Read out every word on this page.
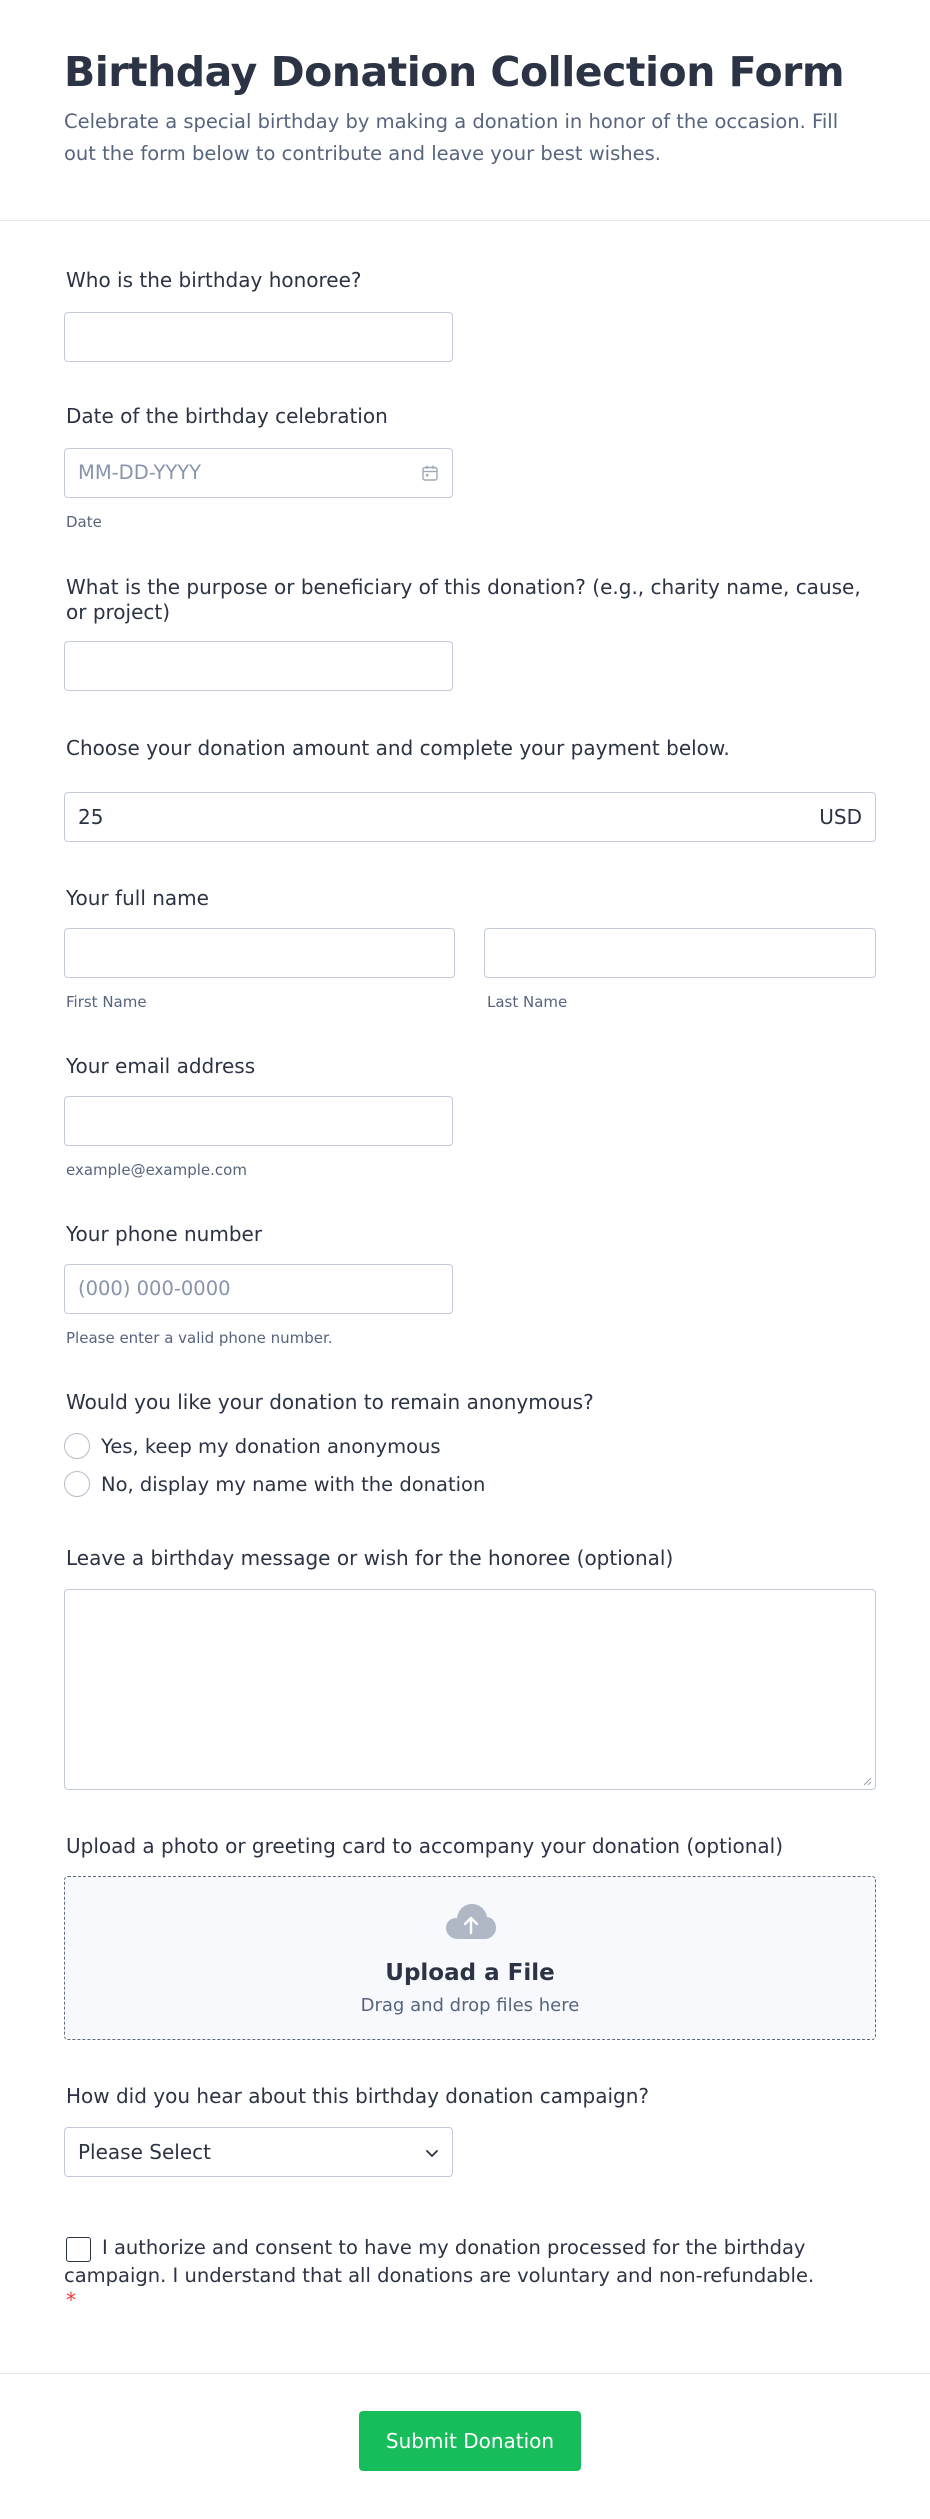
Birthday Donation Collection Form

Celebrate a special birthday by making a donation in honor of the occasion. Fill out the form below to contribute and leave your best wishes.

Who is the birthday honoree?
Date of the birthday celebration
MM-DD-YYYY
Date
What is the purpose or beneficiary of this donation? (e.g., charity name, cause, or project)
Choose your donation amount and complete your payment below.
25	USD
Your full name
First Name	Last Name
Your email address
example@example.com
Your phone number
(000) 000-0000
Please enter a valid phone number.
Would you like your donation to remain anonymous?
Yes, keep my donation anonymous
No, display my name with the donation
Leave a birthday message or wish for the honoree (optional)
Upload a photo or greeting card to accompany your donation (optional)
Upload a File
Drag and drop files here
How did you hear about this birthday donation campaign?
Please Select

I authorize and consent to have my donation processed for the birthday campaign. I understand that all donations are voluntary and non-refundable.

*
Submit Donation
